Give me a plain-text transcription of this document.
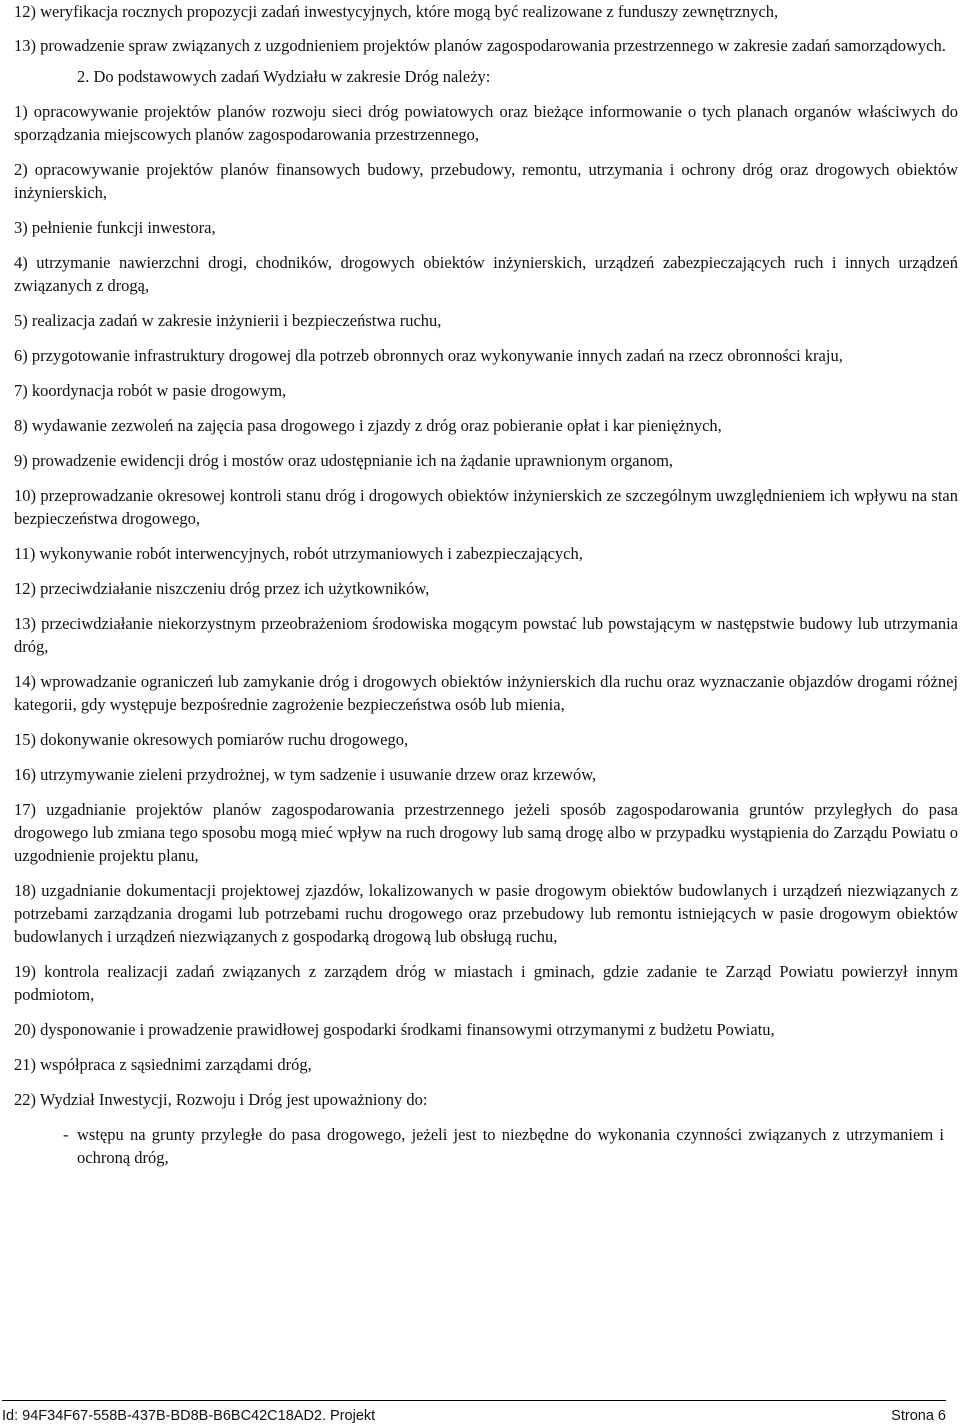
12) weryfikacja rocznych propozycji zadań inwestycyjnych, które mogą być realizowane z funduszy zewnętrznych,

13) prowadzenie spraw związanych z uzgodnieniem projektów planów zagospodarowania przestrzennego w zakresie zadań samorządowych.

2. Do podstawowych zadań Wydziału w zakresie Dróg należy:

1) opracowywanie projektów planów rozwoju sieci dróg powiatowych oraz bieżące informowanie o tych planach organów właściwych do sporządzania miejscowych planów zagospodarowania przestrzennego,

2) opracowywanie projektów planów finansowych budowy, przebudowy, remontu, utrzymania i ochrony dróg oraz drogowych obiektów inżynierskich,

3) pełnienie funkcji inwestora,

4) utrzymanie nawierzchni drogi, chodników, drogowych obiektów inżynierskich, urządzeń zabezpieczających ruch i innych urządzeń związanych z drogą,

5) realizacja zadań w zakresie inżynierii i bezpieczeństwa ruchu,

6) przygotowanie infrastruktury drogowej dla potrzeb obronnych oraz wykonywanie innych zadań na rzecz obronności kraju,

7) koordynacja robót w pasie drogowym,

8) wydawanie zezwoleń na zajęcia pasa drogowego i zjazdy z dróg oraz pobieranie opłat i kar pieniężnych,

9) prowadzenie ewidencji dróg i mostów oraz udostępnianie ich na żądanie uprawnionym organom,

10) przeprowadzanie okresowej kontroli stanu dróg i drogowych obiektów inżynierskich ze szczególnym uwzględnieniem ich wpływu na stan bezpieczeństwa drogowego,

11) wykonywanie robót interwencyjnych, robót utrzymaniowych i zabezpieczających,

12) przeciwdziałanie niszczeniu dróg przez ich użytkowników,

13) przeciwdziałanie niekorzystnym przeobrażeniom środowiska mogącym powstać lub powstającym w następstwie budowy lub utrzymania dróg,

14) wprowadzanie ograniczeń lub zamykanie dróg i drogowych obiektów inżynierskich dla ruchu oraz wyznaczanie objazdów drogami różnej kategorii, gdy występuje bezpośrednie zagrożenie bezpieczeństwa osób lub mienia,

15) dokonywanie okresowych pomiarów ruchu drogowego,

16) utrzymywanie zieleni przydrożnej, w tym sadzenie i usuwanie drzew oraz krzewów,

17) uzgadnianie projektów planów zagospodarowania przestrzennego jeżeli sposób zagospodarowania gruntów przyległych do pasa drogowego lub zmiana tego sposobu mogą mieć wpływ na ruch drogowy lub samą drogę albo w przypadku wystąpienia do Zarządu Powiatu o uzgodnienie projektu planu,

18) uzgadnianie dokumentacji projektowej zjazdów, lokalizowanych w pasie drogowym obiektów budowlanych i urządzeń niezwiązanych z potrzebami zarządzania drogami lub potrzebami ruchu drogowego oraz przebudowy lub remontu istniejących w pasie drogowym obiektów budowlanych i urządzeń niezwiązanych z gospodarką drogową lub obsługą ruchu,

19) kontrola realizacji zadań związanych z zarządem dróg w miastach i gminach, gdzie zadanie te Zarząd Powiatu powierzył innym podmiotom,

20) dysponowanie i prowadzenie prawidłowej gospodarki środkami finansowymi otrzymanymi z budżetu Powiatu,

21) współpraca z sąsiednimi zarządami dróg,

22) Wydział Inwestycji, Rozwoju i Dróg jest upoważniony do:

- wstępu na grunty przyległe do pasa drogowego, jeżeli jest to niezbędne do wykonania czynności związanych z utrzymaniem i ochroną dróg,
Id: 94F34F67-558B-437B-BD8B-B6BC42C18AD2. Projekt	Strona 6
